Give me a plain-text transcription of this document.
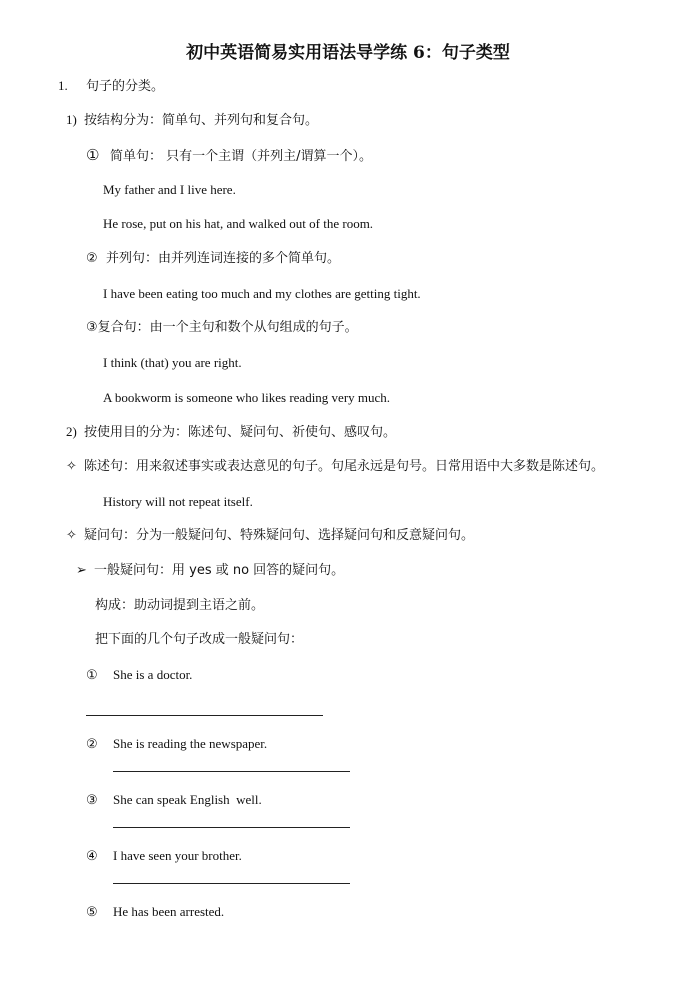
初中英语简易实用语法导学练 6：句子类型
1. 句子的分类。
1) 按结构分为：简单句、并列句和复合句。
① 简单句： 只有一个主谓（并列主/谓算一个）。
My father and I live here.
He rose, put on his hat, and walked out of the room.
② 并列句：由并列连词连接的多个简单句。
I have been eating too much and my clothes are getting tight.
③复合句：由一个主句和数个从句组成的句子。
I think (that) you are right.
A bookworm is someone who likes reading very much.
2) 按使用目的分为：陈述句、疑问句、祈使句、感叹句。
✧ 陈述句：用来叙述事实或表达意见的句子。句尾永远是句号。日常用语中大多数是陈述句。
History will not repeat itself.
✧ 疑问句：分为一般疑问句、特殊疑问句、选择疑问句和反意疑问句。
➢ 一般疑问句：用 yes 或 no 回答的疑问句。
构成：助动词提到主语之前。
把下面的几个句子改成一般疑问句：
① She is a doctor.
② She is reading the newspaper.
③ She can speak English  well.
④ I have seen your brother.
⑤ He has been arrested.
